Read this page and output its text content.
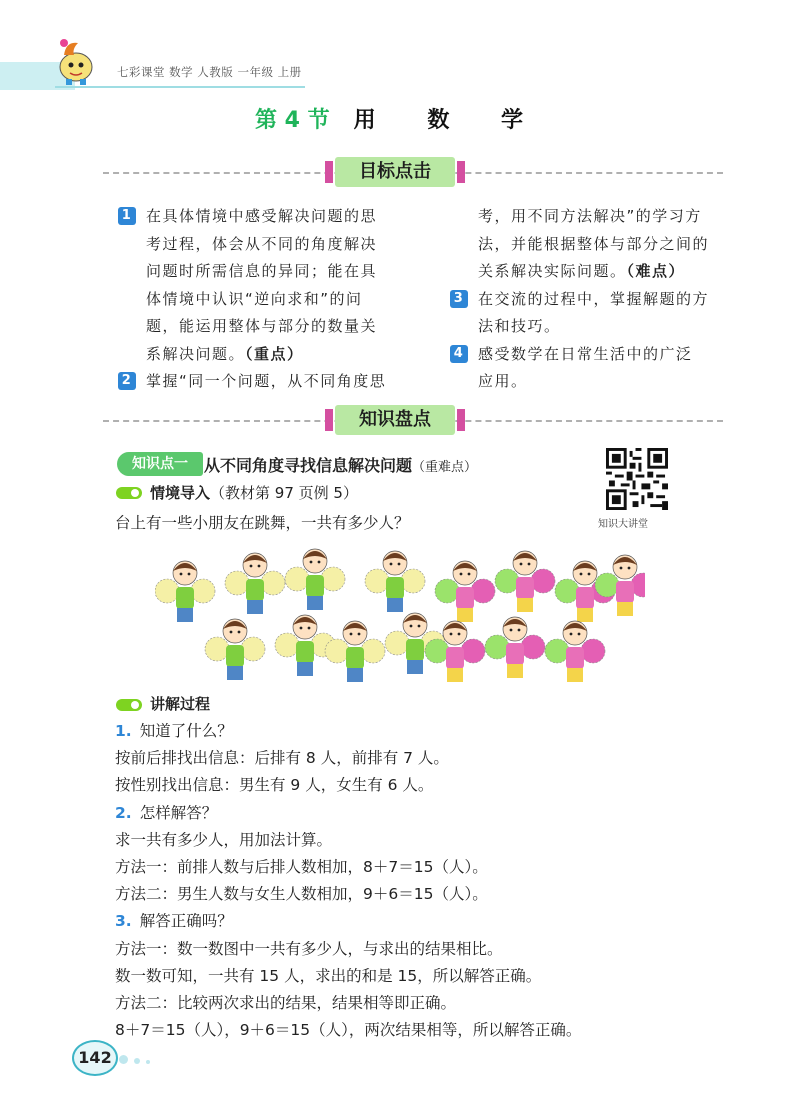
七彩课堂 数学 人教版 一年级 上册
第 4 节 用 数 学
目标点击
1 在具体情境中感受解决问题的思
考过程，体会从不同的角度解决
问题时所需信息的异同；能在具
体情境中认识“逆向求和”的问
题，能运用整体与部分的数量关
系解决问题。（重点）
2 掌握“同一个问题，从不同角度思
考，用不同方法解决”的学习方
法，并能根据整体与部分之间的
关系解决实际问题。（难点）
3 在交流的过程中，掌握解题的方
法和技巧。
4 感受数学在日常生活中的广泛
应用。
知识盘点
知识点一	从不同角度寻找信息解决问题（重难点）
知识大讲堂
情境导入（教材第 97 页例 5）
台上有一些小朋友在跳舞，一共有多少人？
讲解过程
1. 知道了什么？
按前后排找出信息：后排有 8 人，前排有 7 人。
按性别找出信息：男生有 9 人，女生有 6 人。
2. 怎样解答？
求一共有多少人，用加法计算。
方法一：前排人数与后排人数相加，8＋7＝15（人）。
方法二：男生人数与女生人数相加，9＋6＝15（人）。
3. 解答正确吗？
方法一：数一数图中一共有多少人，与求出的结果相比。
数一数可知，一共有 15 人，求出的和是 15，所以解答正确。
方法二：比较两次求出的结果，结果相等即正确。
8＋7＝15（人），9＋6＝15（人），两次结果相等，所以解答正确。
142
